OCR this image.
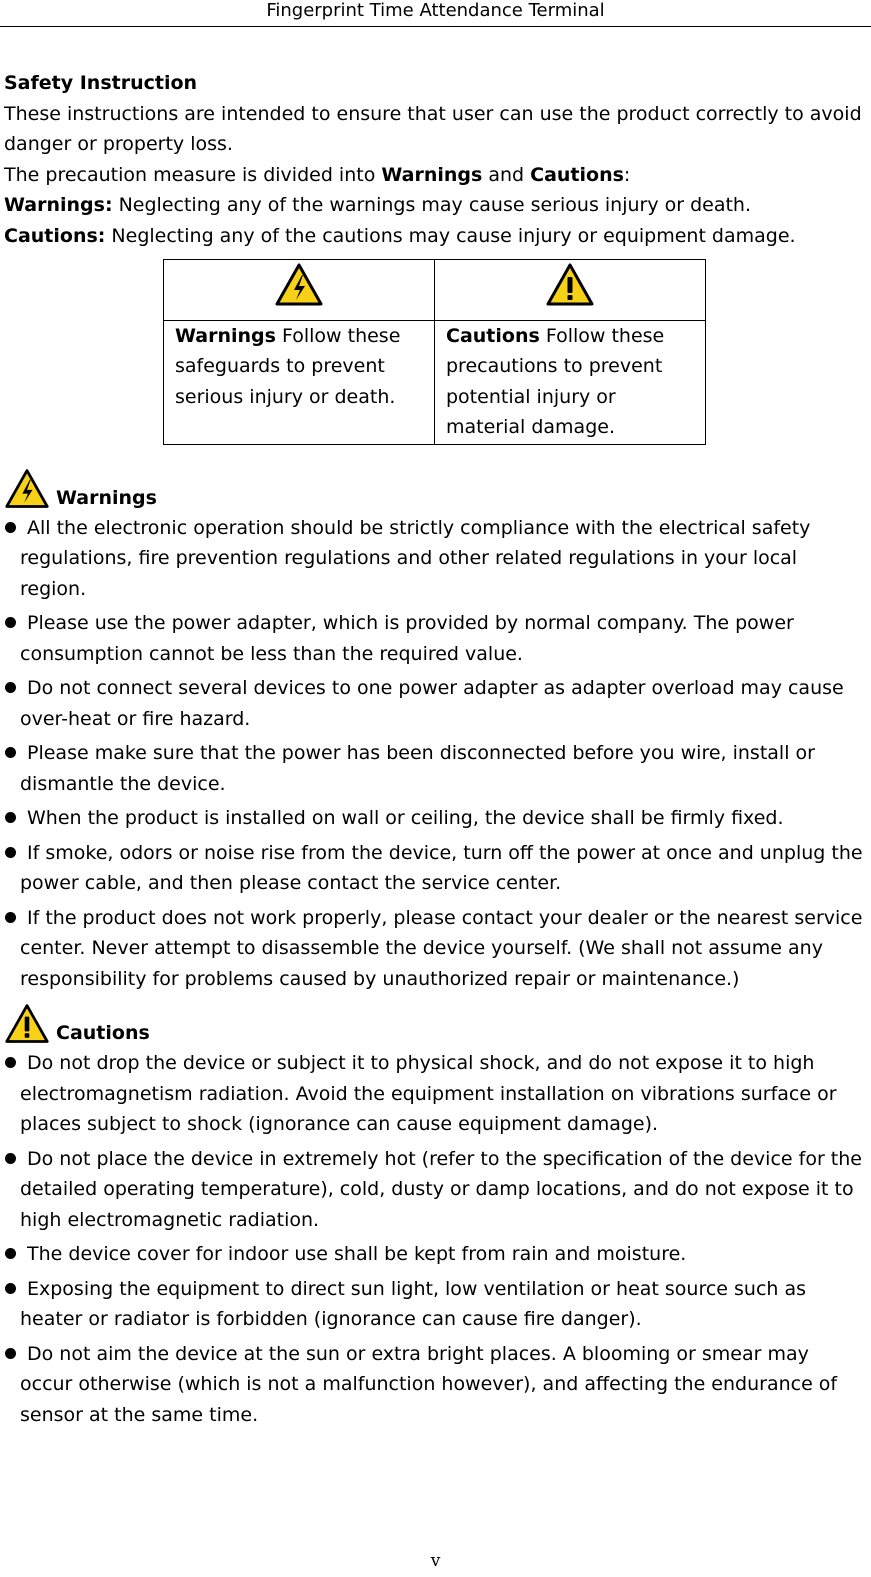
Fingerprint Time Attendance Terminal
Safety Instruction

These instructions are intended to ensure that user can use the product correctly to avoid danger or property loss.

The precaution measure is divided into Warnings and Cautions:

Warnings: Neglecting any of the warnings may cause serious injury or death.

Cautions: Neglecting any of the cautions may cause injury or equipment damage.

Warnings Follow these safeguards to prevent serious injury or death.	Cautions Follow these precautions to prevent potential injury or material damage.
Warnings
All the electronic operation should be strictly compliance with the electrical safety regulations, fire prevention regulations and other related regulations in your local region.
Please use the power adapter, which is provided by normal company. The power consumption cannot be less than the required value.
Do not connect several devices to one power adapter as adapter overload may cause over-heat or fire hazard.
Please make sure that the power has been disconnected before you wire, install or dismantle the device.
When the product is installed on wall or ceiling, the device shall be firmly fixed.
If smoke, odors or noise rise from the device, turn off the power at once and unplug the power cable, and then please contact the service center.
If the product does not work properly, please contact your dealer or the nearest service center. Never attempt to disassemble the device yourself. (We shall not assume any responsibility for problems caused by unauthorized repair or maintenance.)
Cautions
Do not drop the device or subject it to physical shock, and do not expose it to high electromagnetism radiation. Avoid the equipment installation on vibrations surface or places subject to shock (ignorance can cause equipment damage).
Do not place the device in extremely hot (refer to the specification of the device for the detailed operating temperature), cold, dusty or damp locations, and do not expose it to high electromagnetic radiation.
The device cover for indoor use shall be kept from rain and moisture.
Exposing the equipment to direct sun light, low ventilation or heat source such as heater or radiator is forbidden (ignorance can cause fire danger).
Do not aim the device at the sun or extra bright places. A blooming or smear may occur otherwise (which is not a malfunction however), and affecting the endurance of sensor at the same time.
v
